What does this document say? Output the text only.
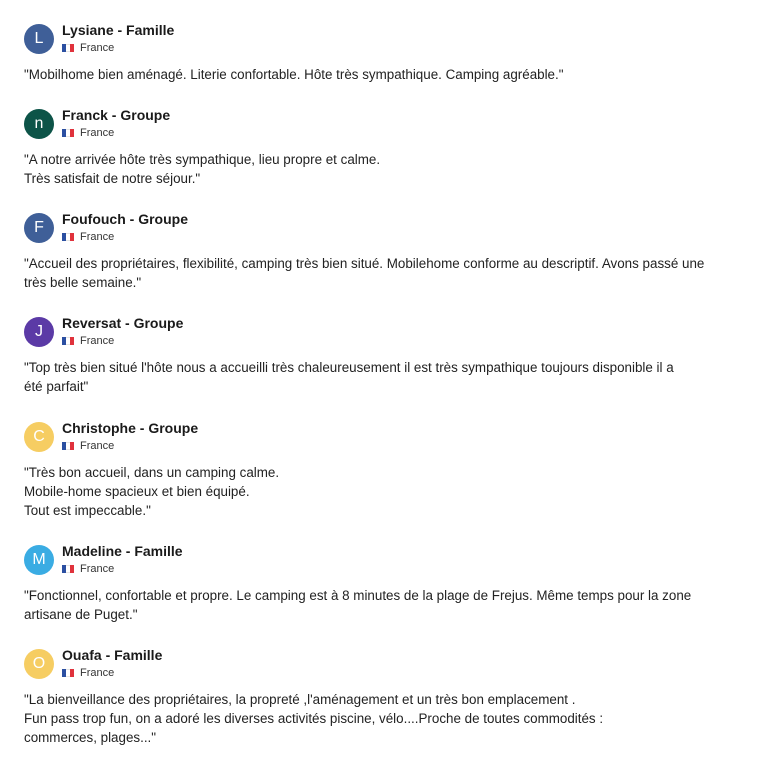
L	Lysiane - Famille
France
"Mobilhome bien aménagé. Literie confortable. Hôte très sympathique. Camping agréable."
n	Franck - Groupe
France
"A notre arrivée hôte très sympathique, lieu propre et calme.
Très satisfait de notre séjour."
F	Foufouch - Groupe
France
"Accueil des propriétaires, flexibilité, camping très bien situé. Mobilehome conforme au descriptif. Avons passé une
très belle semaine."
J	Reversat - Groupe
France
"Top très bien situé l'hôte nous a accueilli très chaleureusement il est très sympathique toujours disponible il a
été parfait"
C	Christophe - Groupe
France
"Très bon accueil, dans un camping calme.
Mobile-home spacieux et bien équipé.
Tout est impeccable."
M	Madeline - Famille
France
"Fonctionnel, confortable et propre. Le camping est à 8 minutes de la plage de Frejus. Même temps pour la zone
artisane de Puget."
O	Ouafa - Famille
France
"La bienveillance des propriétaires, la propreté ,l'aménagement et un très bon emplacement .
Fun pass trop fun, on a adoré les diverses activités piscine, vélo....Proche de toutes commodités :
commerces, plages..."
